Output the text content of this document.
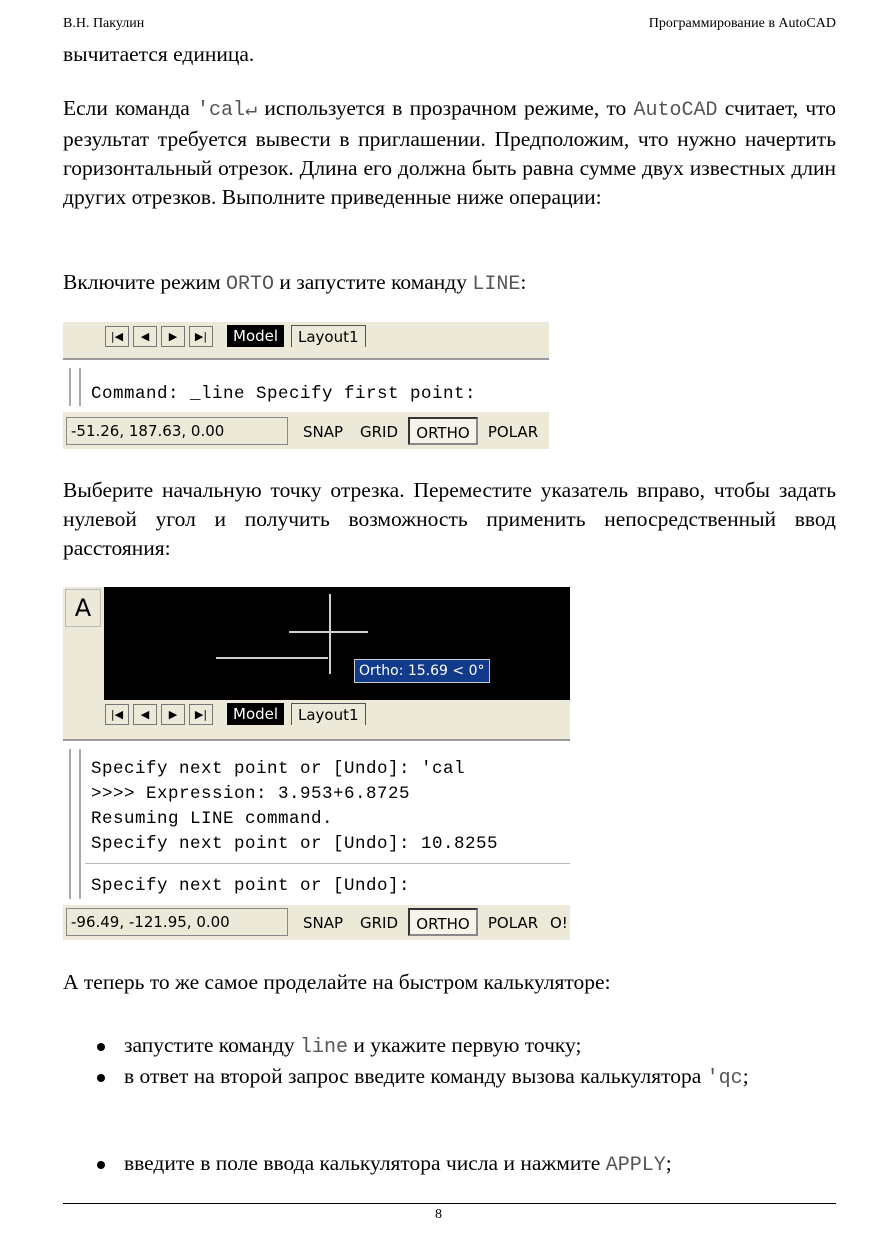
В.Н. Пакулин	Программирование в AutoCAD

вычитается единица.

Если команда 'cal↵ используется в прозрачном режиме, то AutoCAD считает, что результат требуется вывести в приглашении. Предположим, что нужно начертить горизонтальный отрезок. Длина его должна быть равна сумме двух известных длин других отрезков. Выполните приведенные ниже операции:

Включите режим ORTO и запустите команду LINE:

|◀	◀	▶	▶|	Model	Layout1
Command: _line Specify first point:
-51.26, 187.63, 0.00	SNAP	GRID	ORTHO	POLAR

Выберите начальную точку отрезка. Переместите указатель вправо, чтобы задать нулевой угол и получить возможность применить непосредственный ввод расстояния:

Ortho: 15.69 < 0°
A
|◀	◀	▶	▶|	Model	Layout1
Specify next point or [Undo]: 'cal
>>>> Expression: 3.953+6.8725
Resuming LINE command.
Specify next point or [Undo]: 10.8255
Specify next point or [Undo]:
-96.49, -121.95, 0.00	SNAP	GRID	ORTHO	POLAR O!

А теперь то же самое проделайте на быстром калькуляторе:

запустите команду line и укажите первую точку;
в ответ на второй запрос введите команду вызова калькулятора 'qc;
введите в поле ввода калькулятора числа и нажмите APPLY;
8
